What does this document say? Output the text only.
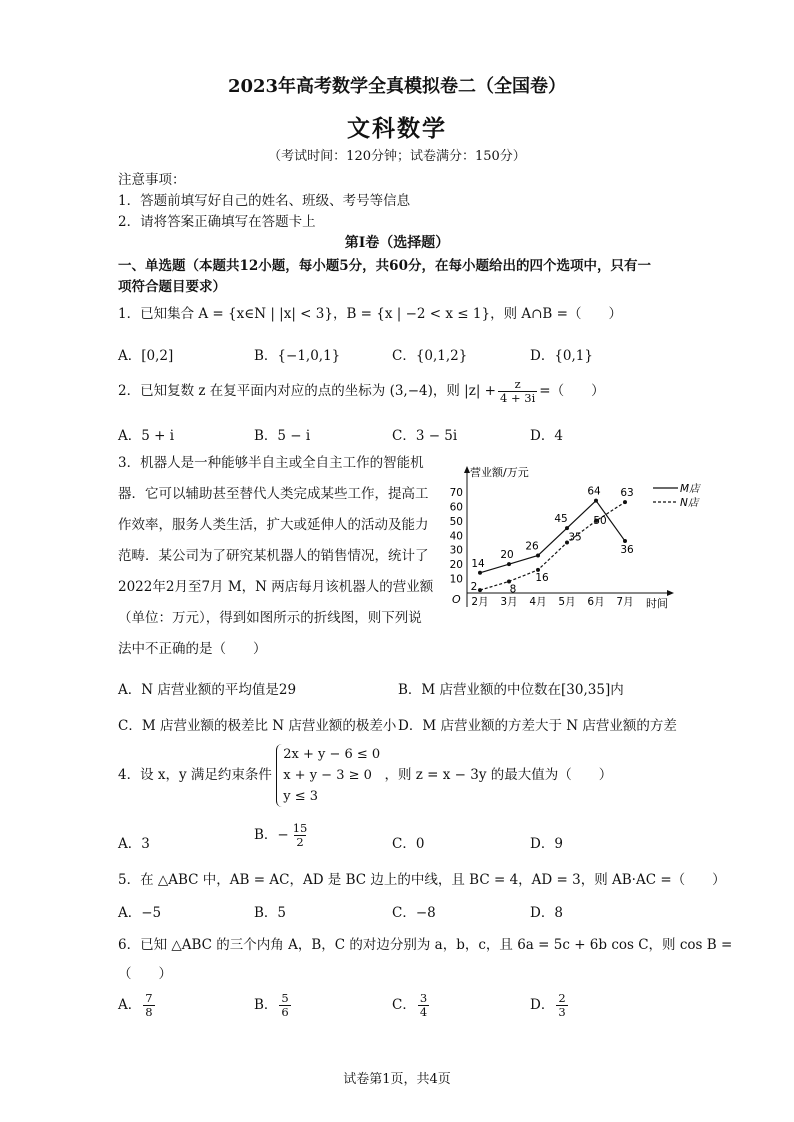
2023年高考数学全真模拟卷二（全国卷）
文科数学
（考试时间：120分钟；试卷满分：150分）
注意事项：
1．答题前填写好自己的姓名、班级、考号等信息
2．请将答案正确填写在答题卡上
第I卷（选择题）
一、单选题（本题共12小题，每小题5分，共60分，在每小题给出的四个选项中，只有一
项符合题目要求）
1．已知集合 A = {x∈N | |x| < 3}，B = {x | −2 < x ≤ 1}，则 A∩B =（　　）
A．[0,2]	B．{−1,0,1}	C．{0,1,2}	D．{0,1}
2．已知复数 z 在复平面内对应的点的坐标为 (3,−4)，则 $|z| + \frac{z}{4 + 3i}$ =（　　）
A．5 + i	B．5 − i	C．3 − 5i	D．4
3．机器人是一种能够半自主或全自主工作的智能机
器．它可以辅助甚至替代人类完成某些工作，提高工
作效率，服务人类生活，扩大或延伸人的活动及能力
范畴．某公司为了研究某机器人的销售情况，统计了
2022年2月至7月 M，N 两店每月该机器人的营业额
（单位：万元），得到如图所示的折线图，则下列说
法中不正确的是（　　）
营业额/万元
时间
O
10
20
30
40
50
60
70
2月 3月 4月 5月 6月 7月
14
20
26
45
64
36
2	8
16
35
50
63	M店
N店
A．N 店营业额的平均值是29	B．M 店营业额的中位数在[30,35]内
C．M 店营业额的极差比 N 店营业额的极差小 D．M 店营业额的方差大于 N 店营业额的方差
4．设 x，y 满足约束条件
2x + y − 6 ≤ 0
x + y − 3 ≥ 0
y ≤ 3
，则 z = x − 3y 的最大值为（　　）
A．3
B．− $\frac{15}{2}$	C．0	D．9
5．在 △ABC 中，AB = AC，AD 是 BC 边上的中线，且 BC = 4，AD = 3，则 AB·AC =（　　）
A．−5	B．5	C．−8	D．8
6．已知 △ABC 的三个内角 A，B，C 的对边分别为 a，b，c，且 6a = 5c + 6b cos C，则 cos B =
（　　）
A． $\frac{7}{8}$	B． $\frac{5}{6}$	C． $\frac{3}{4}$	D． $\frac{2}{3}$
试卷第1页，共4页
